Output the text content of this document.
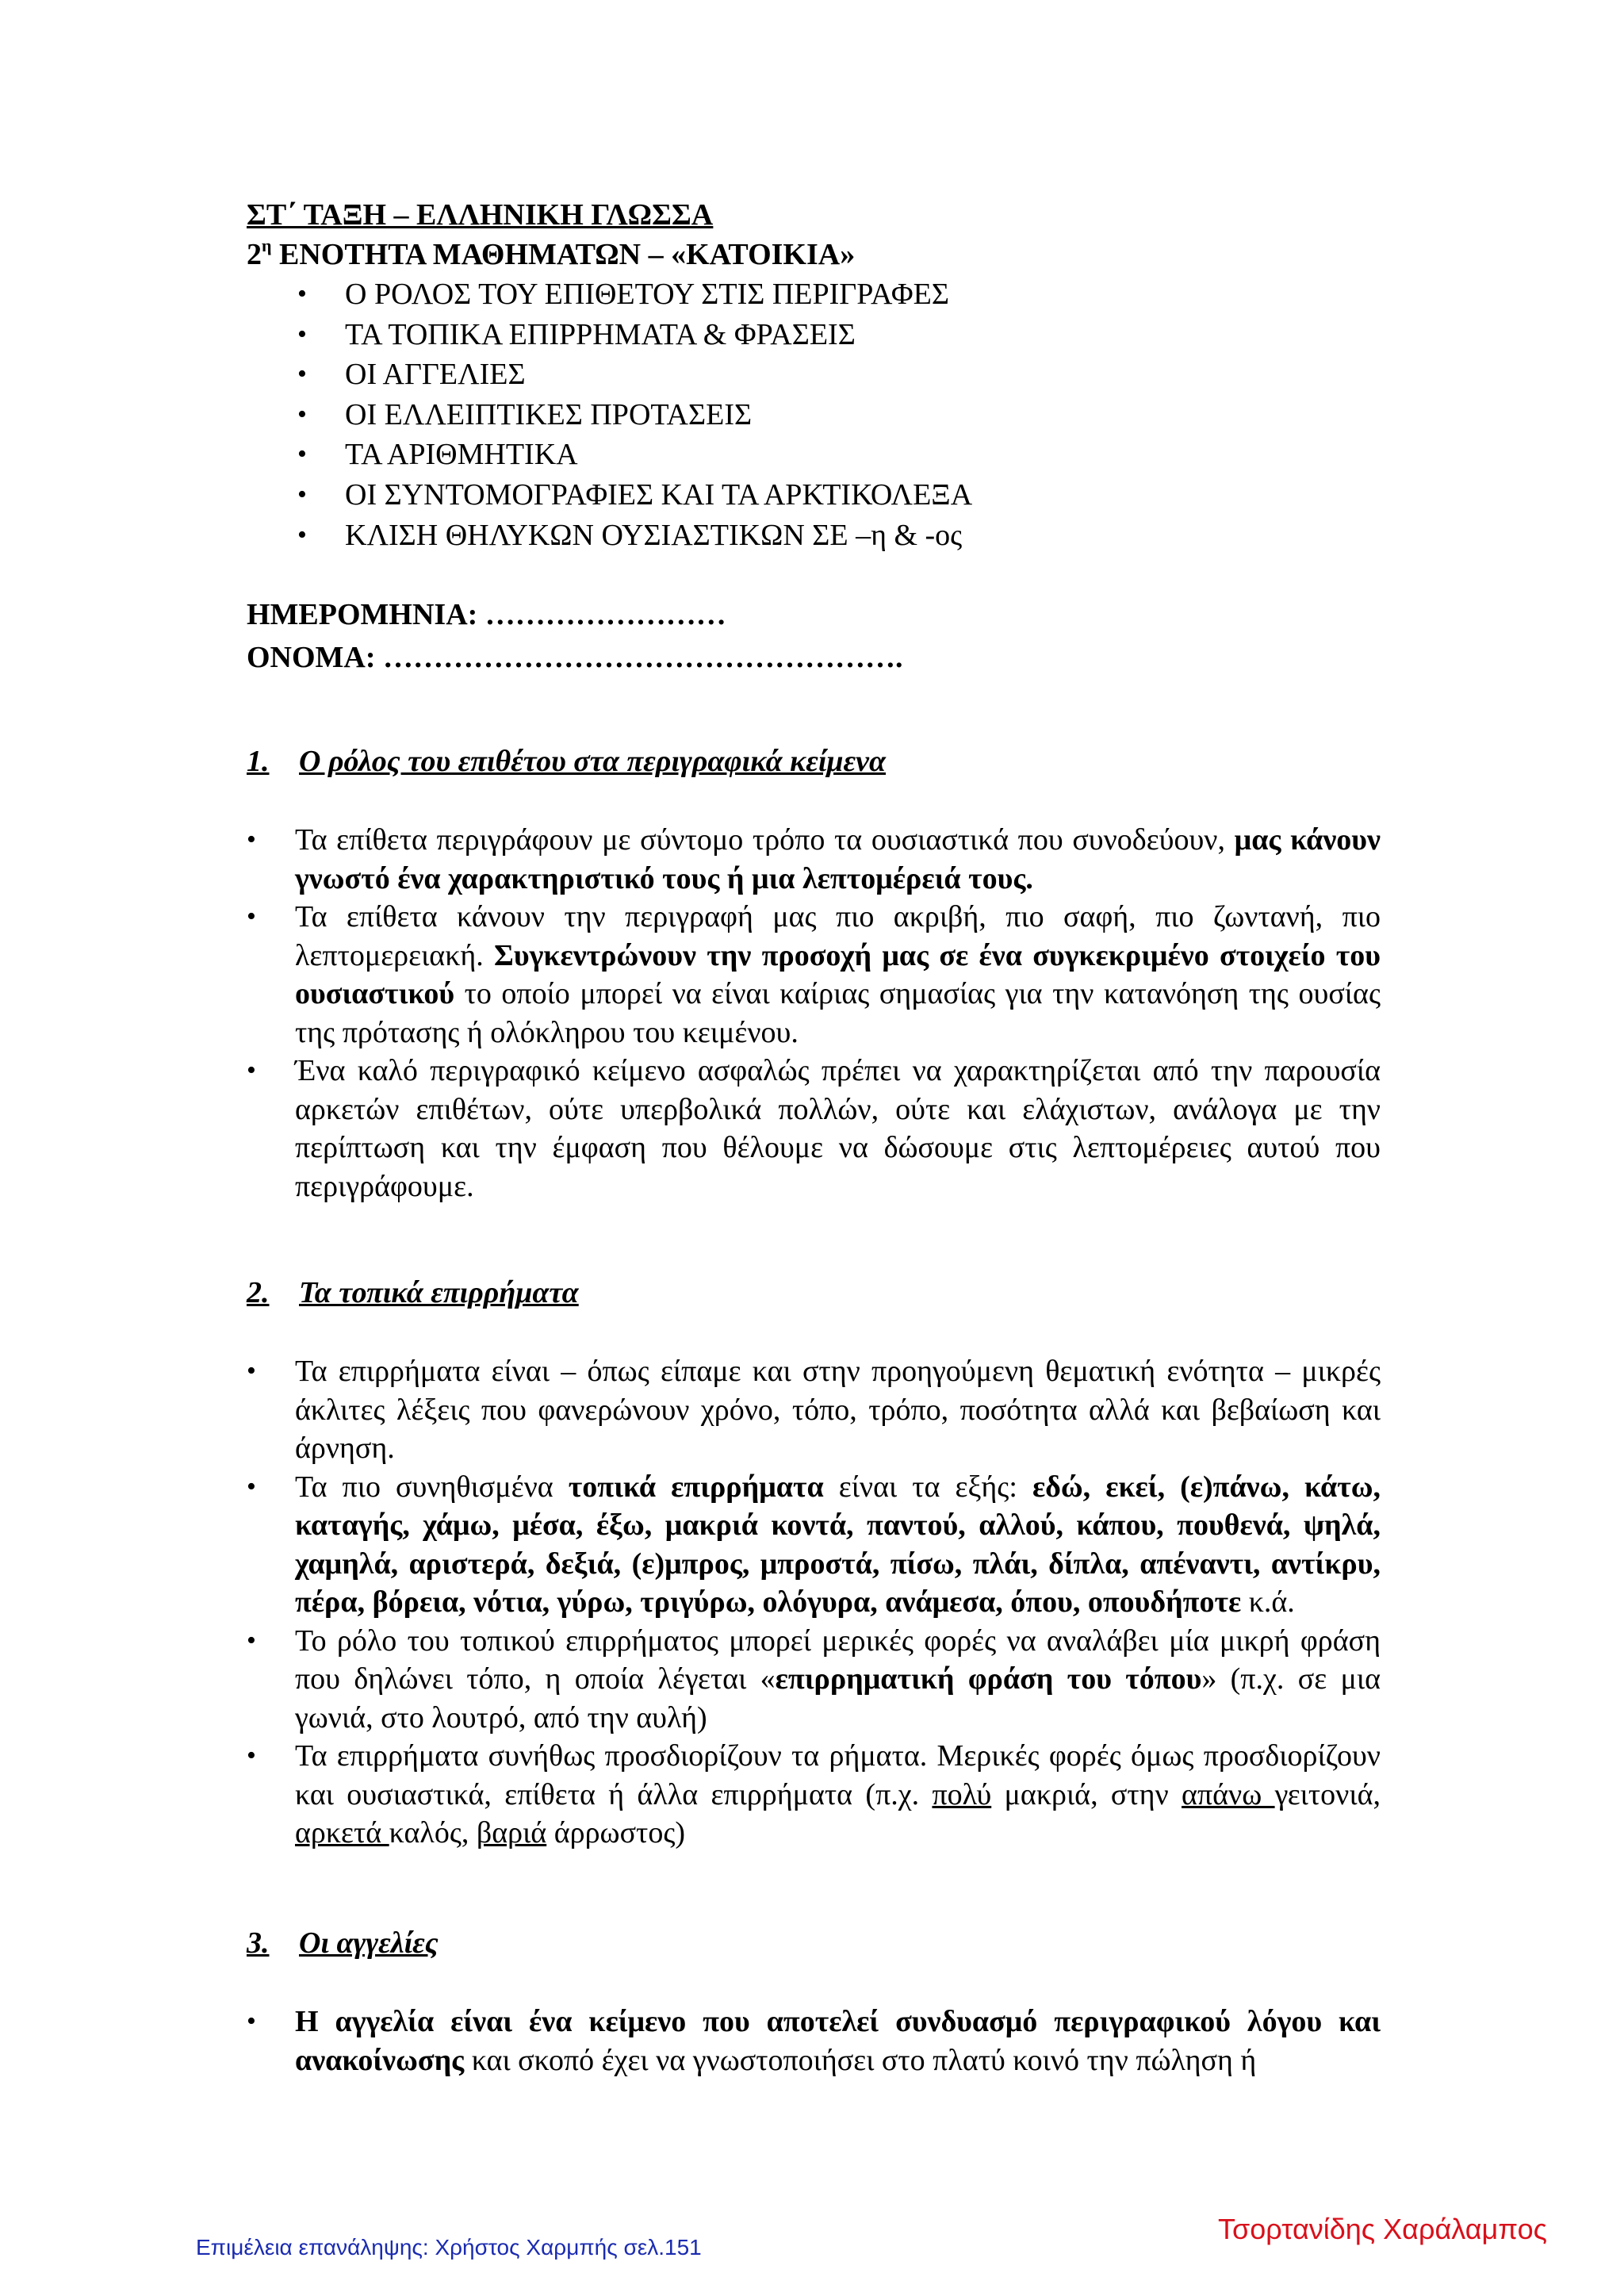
ΣΤ΄ ΤΑΞΗ – ΕΛΛΗΝΙΚΗ ΓΛΩΣΣΑ

$2^\eta$ ΕΝΟΤΗΤΑ ΜΑΘΗΜΑΤΩΝ – «ΚΑΤΟΙΚΙΑ»

• Ο ΡΟΛΟΣ ΤΟΥ ΕΠΙΘΕΤΟΥ ΣΤΙΣ ΠΕΡΙΓΡΑΦΕΣ
• ΤΑ ΤΟΠΙΚΑ ΕΠΙΡΡΗΜΑΤΑ & ΦΡΑΣΕΙΣ
• ΟΙ ΑΓΓΕΛΙΕΣ
• ΟΙ ΕΛΛΕΙΠΤΙΚΕΣ ΠΡΟΤΑΣΕΙΣ
• ΤΑ ΑΡΙΘΜΗΤΙΚΑ
• ΟΙ ΣΥΝΤΟΜΟΓΡΑΦΙΕΣ ΚΑΙ ΤΑ ΑΡΚΤΙΚΟΛΕΞΑ
• ΚΛΙΣΗ ΘΗΛΥΚΩΝ ΟΥΣΙΑΣΤΙΚΩΝ ΣΕ –η & -ος

ΗΜΕΡΟΜΗΝΙΑ: ……………………

ΟΝΟΜΑ: …………………………………………….

1. Ο ρόλος του επιθέτου στα περιγραφικά κείμενα
• Τα επίθετα περιγράφουν με σύντομο τρόπο τα ουσιαστικά που συνοδεύουν, μας κάνουν γνωστό ένα χαρακτηριστικό τους ή μια λεπτομέρειά τους.
• Τα επίθετα κάνουν την περιγραφή μας πιο ακριβή, πιο σαφή, πιο ζωντανή, πιο λεπτομερειακή. Συγκεντρώνουν την προσοχή μας σε ένα συγκεκριμένο στοιχείο του ουσιαστικού το οποίο μπορεί να είναι καίριας σημασίας για την κατανόηση της ουσίας της πρότασης ή ολόκληρου του κειμένου.
• Ένα καλό περιγραφικό κείμενο ασφαλώς πρέπει να χαρακτηρίζεται από την παρουσία αρκετών επιθέτων, ούτε υπερβολικά πολλών, ούτε και ελάχιστων, ανάλογα με την περίπτωση και την έμφαση που θέλουμε να δώσουμε στις λεπτομέρειες αυτού που περιγράφουμε.
2. Τα τοπικά επιρρήματα
• Τα επιρρήματα είναι – όπως είπαμε και στην προηγούμενη θεματική ενότητα – μικρές άκλιτες λέξεις που φανερώνουν χρόνο, τόπο, τρόπο, ποσότητα αλλά και βεβαίωση και άρνηση.
• Τα πιο συνηθισμένα τοπικά επιρρήματα είναι τα εξής: εδώ, εκεί, (ε)πάνω, κάτω, καταγής, χάμω, μέσα, έξω, μακριά κοντά, παντού, αλλού, κάπου, πουθενά, ψηλά, χαμηλά, αριστερά, δεξιά, (ε)μπρος, μπροστά, πίσω, πλάι, δίπλα, απέναντι, αντίκρυ, πέρα, βόρεια, νότια, γύρω, τριγύρω, ολόγυρα, ανάμεσα, όπου, οπουδήποτε κ.ά.
• Το ρόλο του τοπικού επιρρήματος μπορεί μερικές φορές να αναλάβει μία μικρή φράση που δηλώνει τόπο, η οποία λέγεται «επιρρηματική φράση του τόπου» (π.χ. σε μια γωνιά, στο λουτρό, από την αυλή)
• Τα επιρρήματα συνήθως προσδιορίζουν τα ρήματα. Μερικές φορές όμως προσδιορίζουν και ουσιαστικά, επίθετα ή άλλα επιρρήματα (π.χ. πολύ μακριά, στην απάνω γειτονιά, αρκετά καλός, βαριά άρρωστος)
3. Οι αγγελίες
• Η αγγελία είναι ένα κείμενο που αποτελεί συνδυασμό περιγραφικού λόγου και ανακοίνωσης και σκοπό έχει να γνωστοποιήσει στο πλατύ κοινό την πώληση ή
Επιμέλεια επανάληψης: Χρήστος Χαρμπής σελ.151
Τσορτανίδης Χαράλαμπος
